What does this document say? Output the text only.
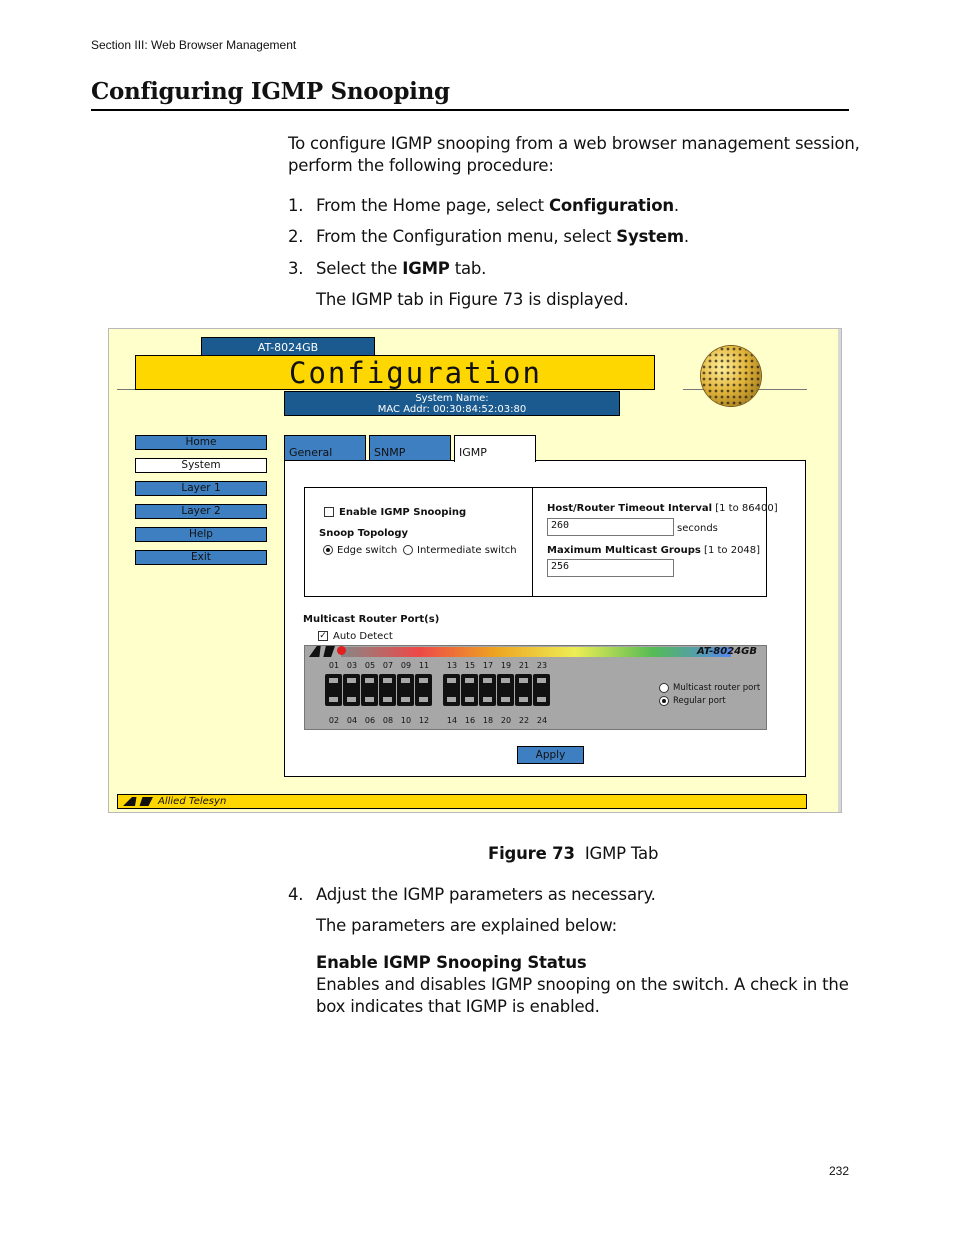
Section III: Web Browser Management
Configuring IGMP Snooping
To configure IGMP snooping from a web browser management session,
perform the following procedure:
1. From the Home page, select Configuration.
2. From the Configuration menu, select System.
3. Select the IGMP tab.
The IGMP tab in Figure 73 is displayed.
AT-8024GB
Configuration
System Name:
MAC Addr: 00:30:84:52:03:80
Home
System
Layer 1
Layer 2
Help
Exit
General	SNMP	IGMP
Enable IGMP Snooping
Snoop Topology
Edge switch Intermediate switch
Host/Router Timeout Interval [1 to 86400]
260	seconds
Maximum Multicast Groups [1 to 2048]
256
Multicast Router Port(s)
✓ Auto Detect
AT-8024GB
01 03 05 07 09 11	13 15 17 19 21 23
02 04 06 08 10 12	14 16 18 20 22 24
Multicast router port
Regular port
Apply
Allied Telesyn
Figure 73 IGMP Tab
4. Adjust the IGMP parameters as necessary.
The parameters are explained below:
Enable IGMP Snooping Status
Enables and disables IGMP snooping on the switch. A check in the
box indicates that IGMP is enabled.
232
